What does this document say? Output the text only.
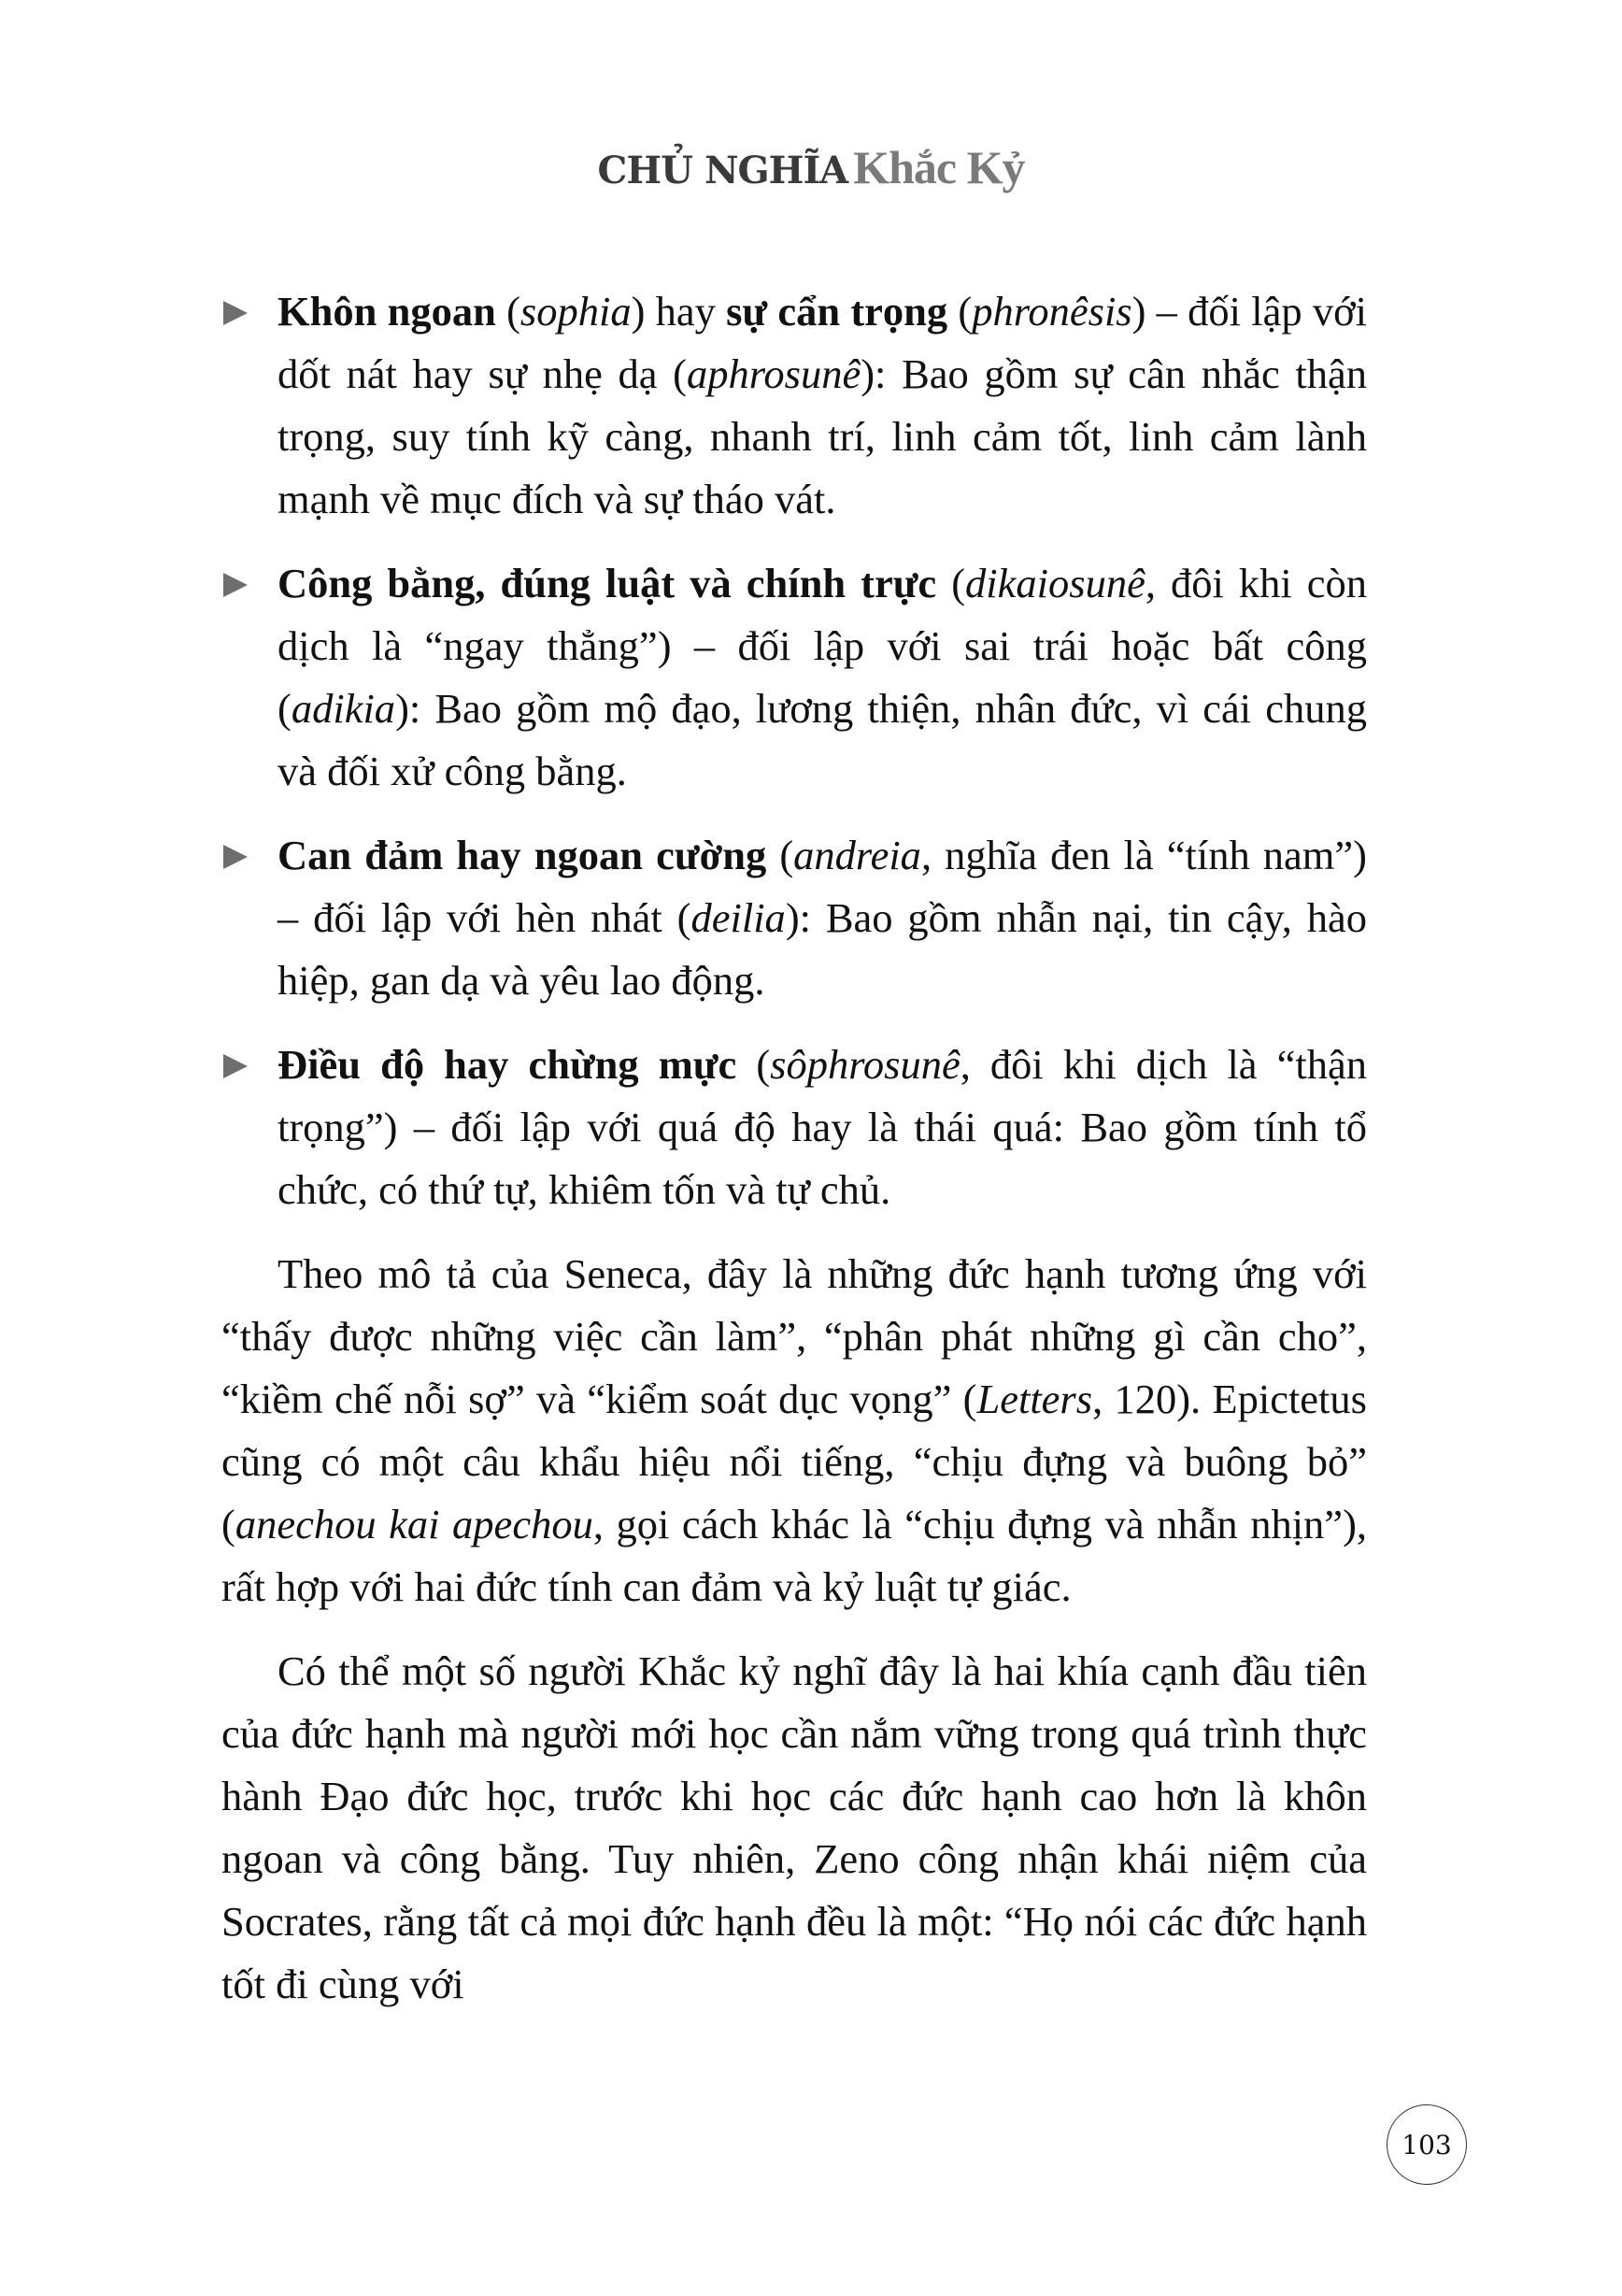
CHỦ NGHĨA Khắc Kỷ
Khôn ngoan (sophia) hay sự cẩn trọng (phronêsis) – đối lập với dốt nát hay sự nhẹ dạ (aphrosunê): Bao gồm sự cân nhắc thận trọng, suy tính kỹ càng, nhanh trí, linh cảm tốt, linh cảm lành mạnh về mục đích và sự tháo vát.
Công bằng, đúng luật và chính trực (dikaiosunê, đôi khi còn dịch là “ngay thẳng”) – đối lập với sai trái hoặc bất công (adikia): Bao gồm mộ đạo, lương thiện, nhân đức, vì cái chung và đối xử công bằng.
Can đảm hay ngoan cường (andreia, nghĩa đen là “tính nam”) – đối lập với hèn nhát (deilia): Bao gồm nhẫn nại, tin cậy, hào hiệp, gan dạ và yêu lao động.
Điều độ hay chừng mực (sôphrosunê, đôi khi dịch là “thận trọng”) – đối lập với quá độ hay là thái quá: Bao gồm tính tổ chức, có thứ tự, khiêm tốn và tự chủ.

Theo mô tả của Seneca, đây là những đức hạnh tương ứng với “thấy được những việc cần làm”, “phân phát những gì cần cho”, “kiềm chế nỗi sợ” và “kiểm soát dục vọng” (Letters, 120). Epictetus cũng có một câu khẩu hiệu nổi tiếng, “chịu đựng và buông bỏ” (anechou kai apechou, gọi cách khác là “chịu đựng và nhẫn nhịn”), rất hợp với hai đức tính can đảm và kỷ luật tự giác.

Có thể một số người Khắc kỷ nghĩ đây là hai khía cạnh đầu tiên của đức hạnh mà người mới học cần nắm vững trong quá trình thực hành Đạo đức học, trước khi học các đức hạnh cao hơn là khôn ngoan và công bằng. Tuy nhiên, Zeno công nhận khái niệm của Socrates, rằng tất cả mọi đức hạnh đều là một: “Họ nói các đức hạnh tốt đi cùng với

103
